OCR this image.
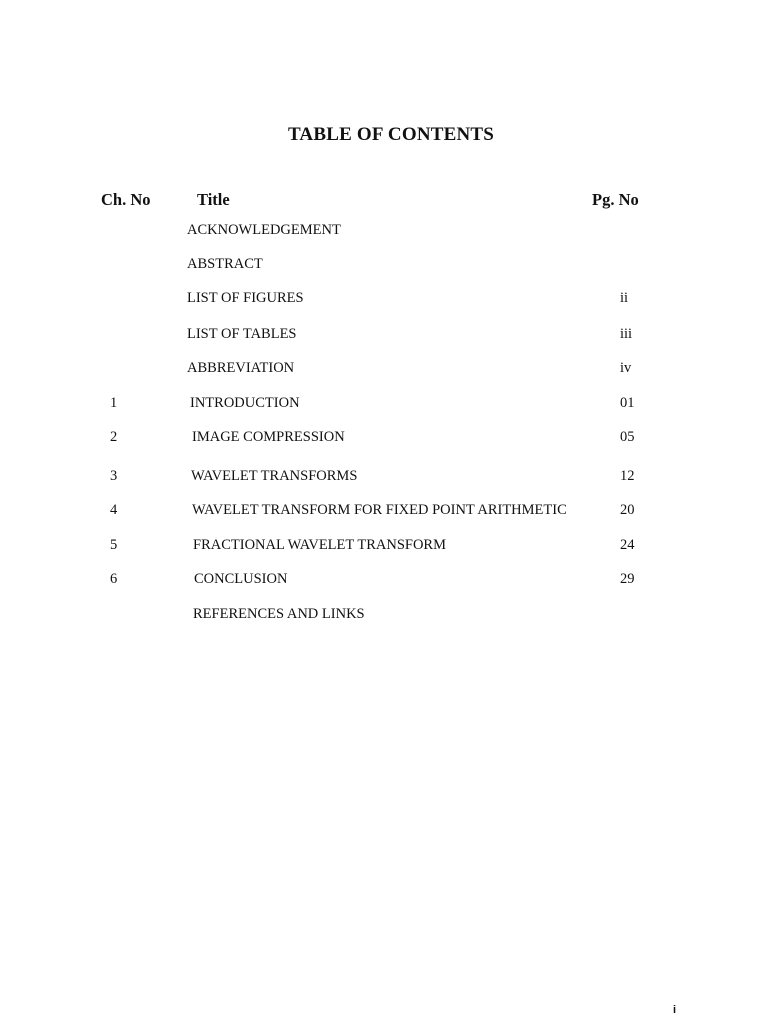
TABLE OF CONTENTS
Ch. No	Title	Pg. No
ACKNOWLEDGEMENT
ABSTRACT
LIST OF FIGURES	ii
LIST OF TABLES	iii
ABBREVIATION	iv
1	INTRODUCTION	01
2	IMAGE COMPRESSION	05
3	WAVELET TRANSFORMS	12
4	WAVELET TRANSFORM FOR FIXED POINT ARITHMETIC	20
5	FRACTIONAL WAVELET TRANSFORM	24
6	CONCLUSION	29
REFERENCES AND LINKS
i
